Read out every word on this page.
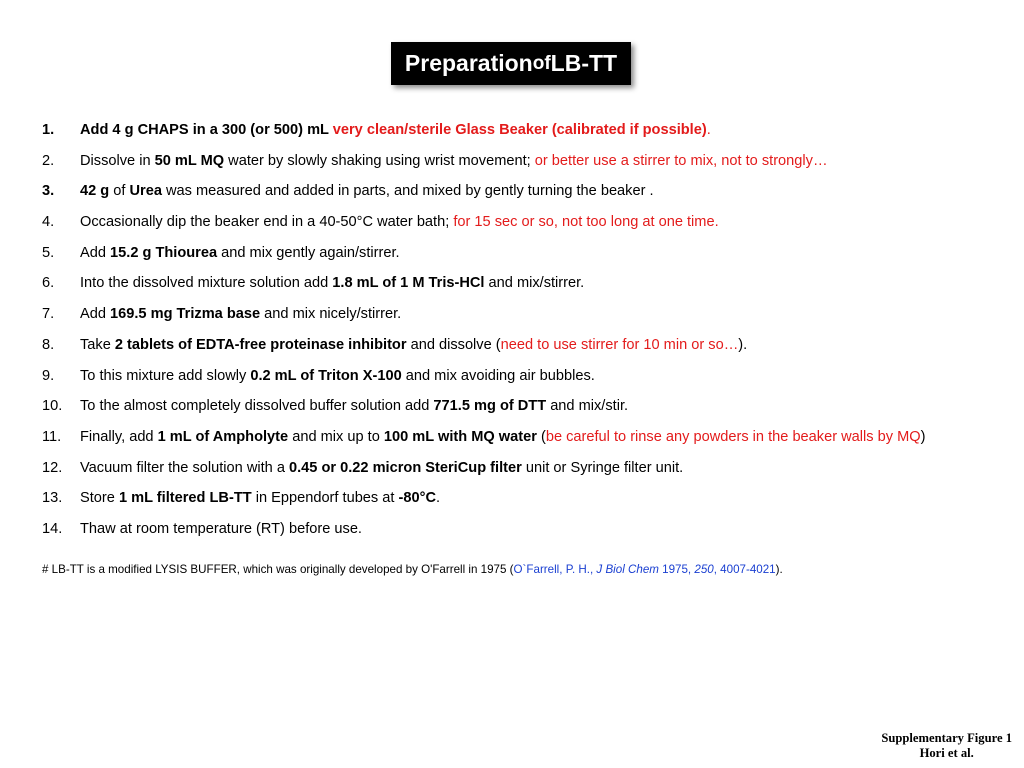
Preparation of LB-TT
1. Add 4 g CHAPS in a 300 (or 500) mL very clean/sterile Glass Beaker (calibrated if possible).
2. Dissolve in 50 mL MQ water by slowly shaking using wrist movement; or better use a stirrer to mix, not to strongly…
3. 42 g of Urea was measured and added in parts, and mixed by gently turning the beaker .
4. Occasionally dip the beaker end in a 40-50°C water bath; for 15 sec or so, not too long at one time.
5. Add 15.2 g Thiourea and mix gently again/stirrer.
6. Into the dissolved mixture solution add 1.8 mL of 1 M Tris-HCl and mix/stirrer.
7. Add 169.5 mg Trizma base and mix nicely/stirrer.
8. Take 2 tablets of EDTA-free proteinase inhibitor and dissolve (need to use stirrer for 10 min or so…).
9. To this mixture add slowly 0.2 mL of Triton X-100 and mix avoiding air bubbles.
10. To the almost completely dissolved buffer solution add 771.5 mg of DTT and mix/stir.
11. Finally, add 1 mL of Ampholyte and mix up to 100 mL with MQ water (be careful to rinse any powders in the beaker walls by MQ)
12. Vacuum filter the solution with a 0.45 or 0.22 micron SteriCup filter unit or Syringe filter unit.
13. Store 1 mL filtered LB-TT in Eppendorf tubes at -80°C.
14. Thaw at room temperature (RT) before use.
# LB-TT is a modified LYSIS BUFFER, which was originally developed by O'Farrell in 1975 (O`Farrell, P. H., J Biol Chem 1975, 250, 4007-4021).
Supplementary Figure 1
Hori et al.
